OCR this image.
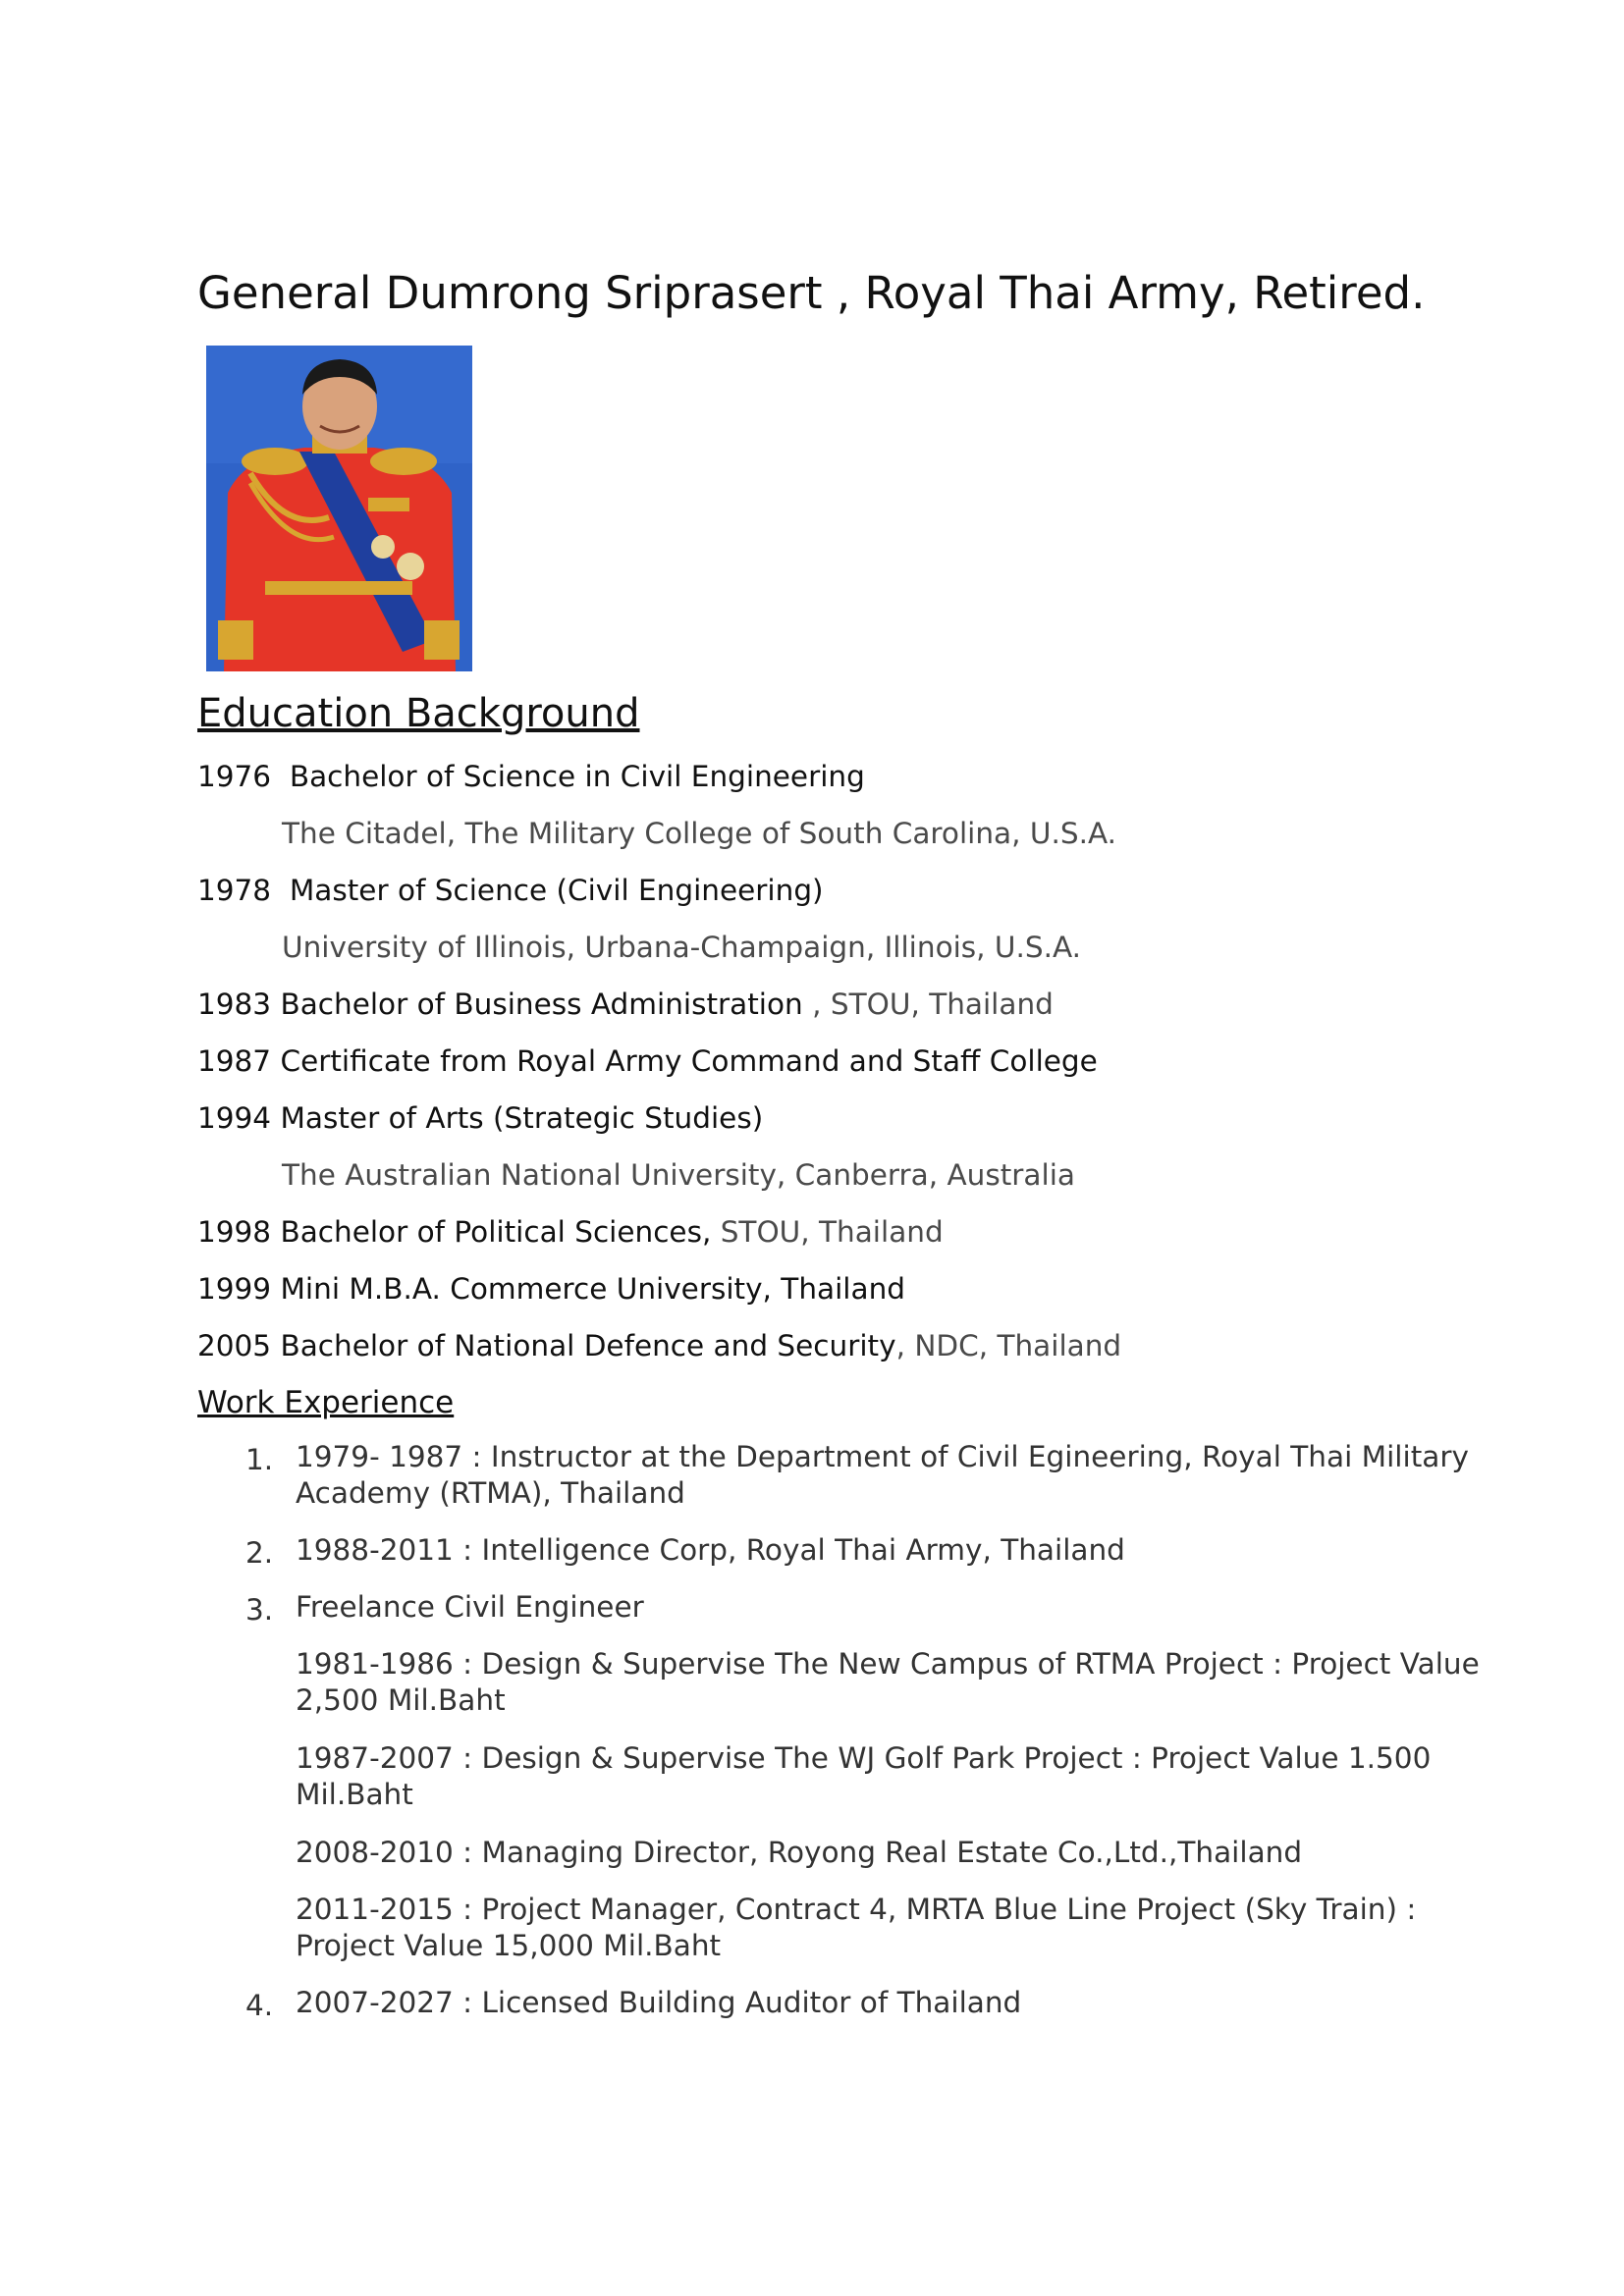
General Dumrong Sriprasert , Royal Thai Army, Retired.
Education Background
1976 Bachelor of Science in Civil Engineering
The Citadel, The Military College of South Carolina, U.S.A.
1978 Master of Science (Civil Engineering)
University of Illinois, Urbana-Champaign, Illinois, U.S.A.
1983 Bachelor of Business Administration , STOU, Thailand
1987 Certificate from Royal Army Command and Staff College
1994 Master of Arts (Strategic Studies)
The Australian National University, Canberra, Australia
1998 Bachelor of Political Sciences, STOU, Thailand
1999 Mini M.B.A. Commerce University, Thailand
2005 Bachelor of National Defence and Security, NDC, Thailand
Work Experience
1. 1979- 1987 : Instructor at the Department of Civil Egineering, Royal Thai Military Academy (RTMA), Thailand
2. 1988-2011 : Intelligence Corp, Royal Thai Army, Thailand
3. Freelance Civil Engineer
1981-1986 : Design & Supervise The New Campus of RTMA Project : Project Value 2,500 Mil.Baht
1987-2007 : Design & Supervise The WJ Golf Park Project : Project Value 1.500 Mil.Baht
2008-2010 : Managing Director, Royong Real Estate Co.,Ltd.,Thailand
2011-2015 : Project Manager, Contract 4, MRTA Blue Line Project (Sky Train) : Project Value 15,000 Mil.Baht
4. 2007-2027 : Licensed Building Auditor of Thailand
